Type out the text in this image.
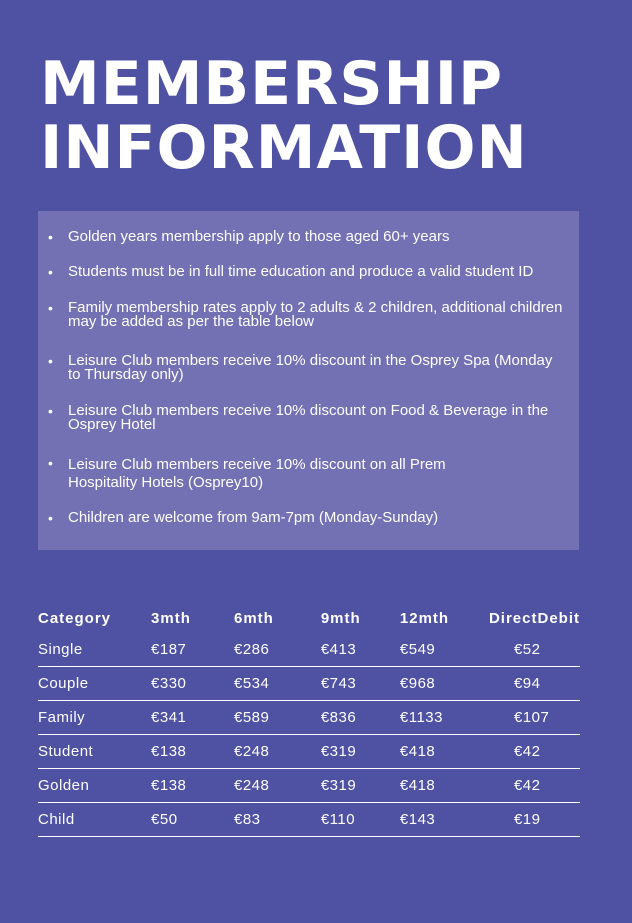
MEMBERSHIP
INFORMATION
• Golden years membership apply to those aged 60+ years
• Students must be in full time education and produce a valid student ID
• Family membership rates apply to 2 adults & 2 children, additional children may be added as per the table below
• Leisure Club members receive 10% discount in the Osprey Spa (Monday to Thursday only)
• Leisure Club members receive 10% discount on Food & Beverage in the Osprey Hotel
• Leisure Club members receive 10% discount on all Prem Hospitality Hotels (Osprey10)
• Children are welcome from 9am-7pm (Monday-Sunday)
Category	3mth	6mth	9mth	12mth	DirectDebit
Single	€187	€286	€413	€549	€52
Couple	€330	€534	€743	€968	€94
Family	€341	€589	€836	€1133	€107
Student	€138	€248	€319	€418	€42
Golden	€138	€248	€319	€418	€42
Child	€50	€83	€110	€143	€19
